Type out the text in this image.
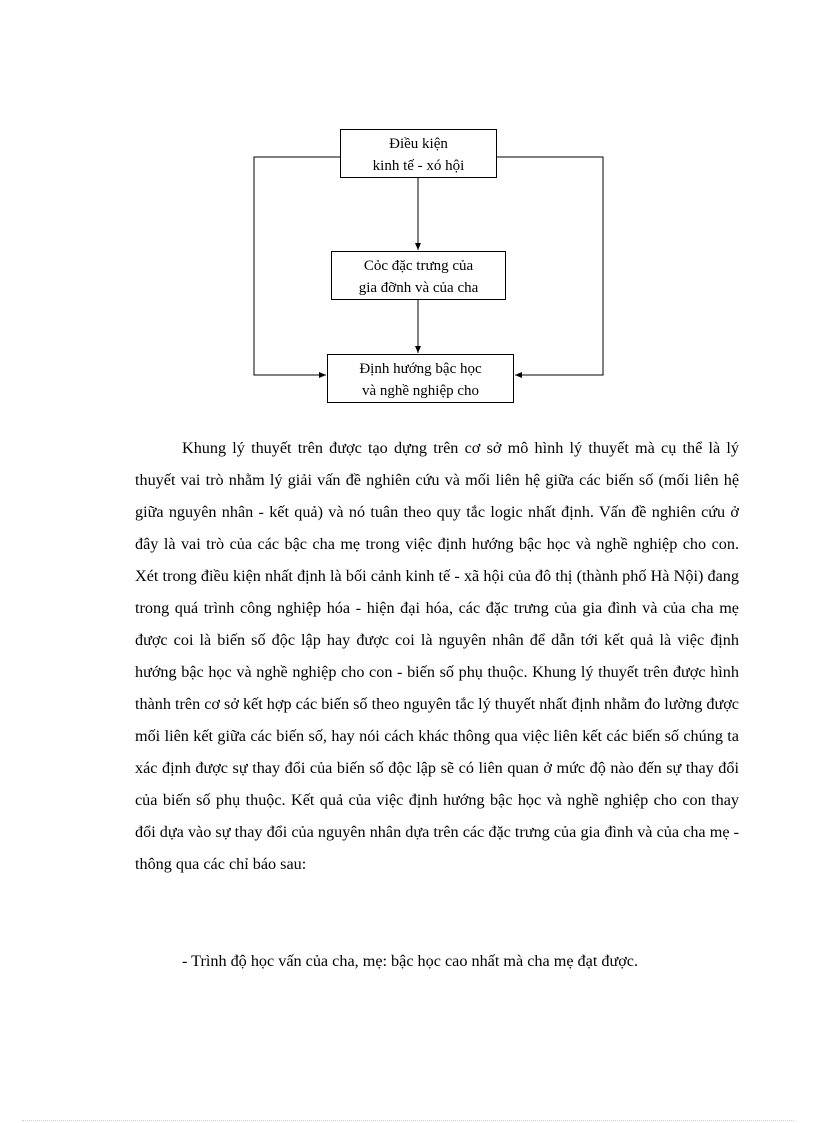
Điều kiện
kinh tế - xó hội
Cỏc đặc trưng của
gia đỡnh và của cha
Định hướng bậc học
và nghề nghiệp cho

Khung lý thuyết trên được tạo dựng trên cơ sở mô hình lý thuyết mà cụ thể là lý thuyết vai trò nhằm lý giải vấn đề nghiên cứu và mối liên hệ giữa các biến số (mối liên hệ giữa nguyên nhân - kết quả) và nó tuân theo quy tắc logic nhất định. Vấn đề nghiên cứu ở đây là vai trò của các bậc cha mẹ trong việc định hướng bậc học và nghề nghiệp cho con. Xét trong điều kiện nhất định là bối cảnh kinh tế - xã hội của đô thị (thành phố Hà Nội) đang trong quá trình công nghiệp hóa - hiện đại hóa, các đặc trưng của gia đình và của cha mẹ được coi là biến số độc lập hay được coi là nguyên nhân để dẫn tới kết quả là việc định hướng bậc học và nghề nghiệp cho con - biến số phụ thuộc. Khung lý thuyết trên được hình thành trên cơ sở kết hợp các biến số theo nguyên tắc lý thuyết nhất định nhằm đo lường được mối liên kết giữa các biến số, hay nói cách khác thông qua việc liên kết các biến số chúng ta xác định được sự thay đổi của biến số độc lập sẽ có liên quan ở mức độ nào đến sự thay đổi của biến số phụ thuộc. Kết quả của việc định hướng bậc học và nghề nghiệp cho con thay đổi dựa vào sự thay đổi của nguyên nhân dựa trên các đặc trưng của gia đình và của cha mẹ - thông qua các chỉ báo sau:

- Trình độ học vấn của cha, mẹ: bậc học cao nhất mà cha mẹ đạt được.
